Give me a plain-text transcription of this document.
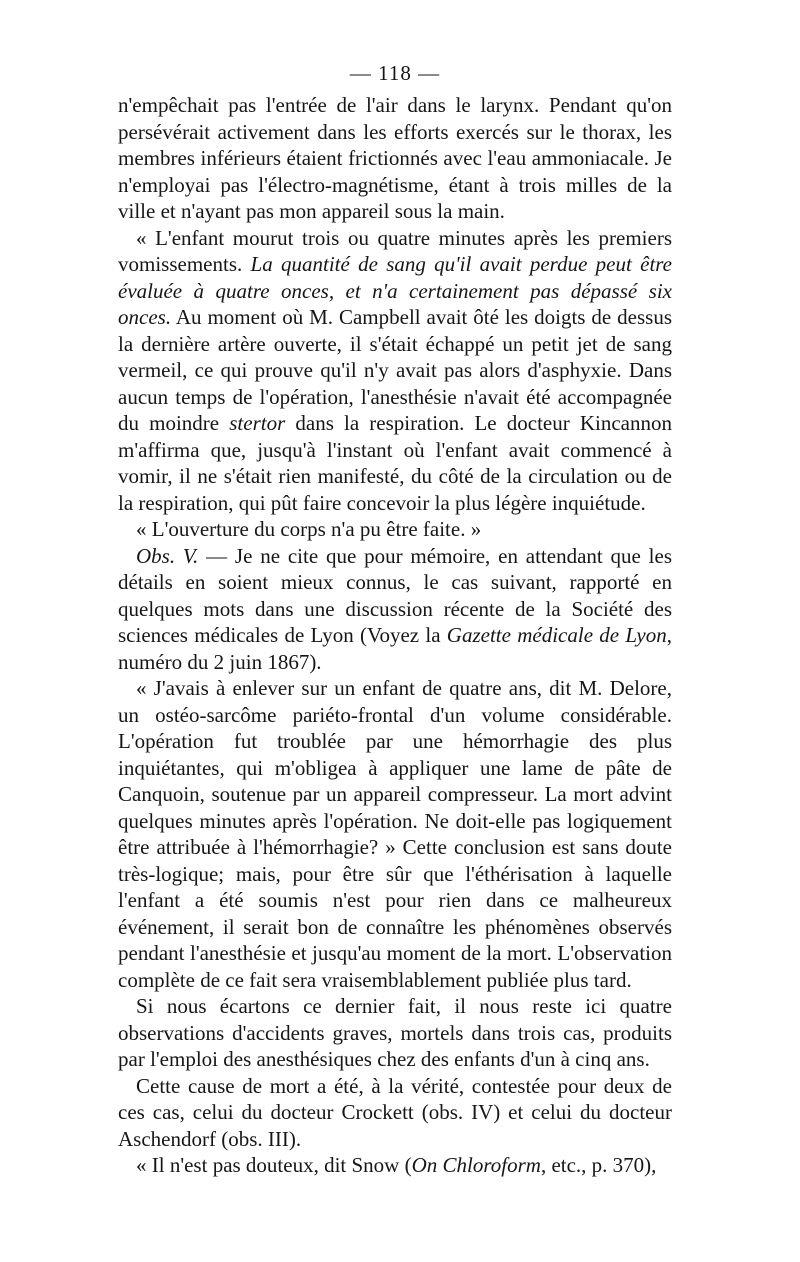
— 118 —

n'empêchait pas l'entrée de l'air dans le larynx. Pendant qu'on persévérait activement dans les efforts exercés sur le thorax, les membres inférieurs étaient frictionnés avec l'eau ammoniacale. Je n'employai pas l'électro-magnétisme, étant à trois milles de la ville et n'ayant pas mon appareil sous la main.

« L'enfant mourut trois ou quatre minutes après les premiers vomissements. La quantité de sang qu'il avait perdue peut être évaluée à quatre onces, et n'a certainement pas dépassé six onces. Au moment où M. Campbell avait ôté les doigts de dessus la dernière artère ouverte, il s'était échappé un petit jet de sang vermeil, ce qui prouve qu'il n'y avait pas alors d'asphyxie. Dans aucun temps de l'opération, l'anesthésie n'avait été accompagnée du moindre stertor dans la respiration. Le docteur Kincannon m'affirma que, jusqu'à l'instant où l'enfant avait commencé à vomir, il ne s'était rien manifesté, du côté de la circulation ou de la respiration, qui pût faire concevoir la plus légère inquiétude.

« L'ouverture du corps n'a pu être faite. »

Obs. V. — Je ne cite que pour mémoire, en attendant que les détails en soient mieux connus, le cas suivant, rapporté en quelques mots dans une discussion récente de la Société des sciences médicales de Lyon (Voyez la Gazette médicale de Lyon, numéro du 2 juin 1867).

« J'avais à enlever sur un enfant de quatre ans, dit M. Delore, un ostéo-sarcôme pariéto-frontal d'un volume considérable. L'opération fut troublée par une hémorrhagie des plus inquiétantes, qui m'obligea à appliquer une lame de pâte de Canquoin, soutenue par un appareil compresseur. La mort advint quelques minutes après l'opération. Ne doit-elle pas logiquement être attribuée à l'hémorrhagie? » Cette conclusion est sans doute très-logique; mais, pour être sûr que l'éthérisation à laquelle l'enfant a été soumis n'est pour rien dans ce malheureux événement, il serait bon de connaître les phénomènes observés pendant l'anesthésie et jusqu'au moment de la mort. L'observation complète de ce fait sera vraisemblablement publiée plus tard.

Si nous écartons ce dernier fait, il nous reste ici quatre observations d'accidents graves, mortels dans trois cas, produits par l'emploi des anesthésiques chez des enfants d'un à cinq ans.

Cette cause de mort a été, à la vérité, contestée pour deux de ces cas, celui du docteur Crockett (obs. IV) et celui du docteur Aschendorf (obs. III).

« Il n'est pas douteux, dit Snow (On Chloroform, etc., p. 370),
